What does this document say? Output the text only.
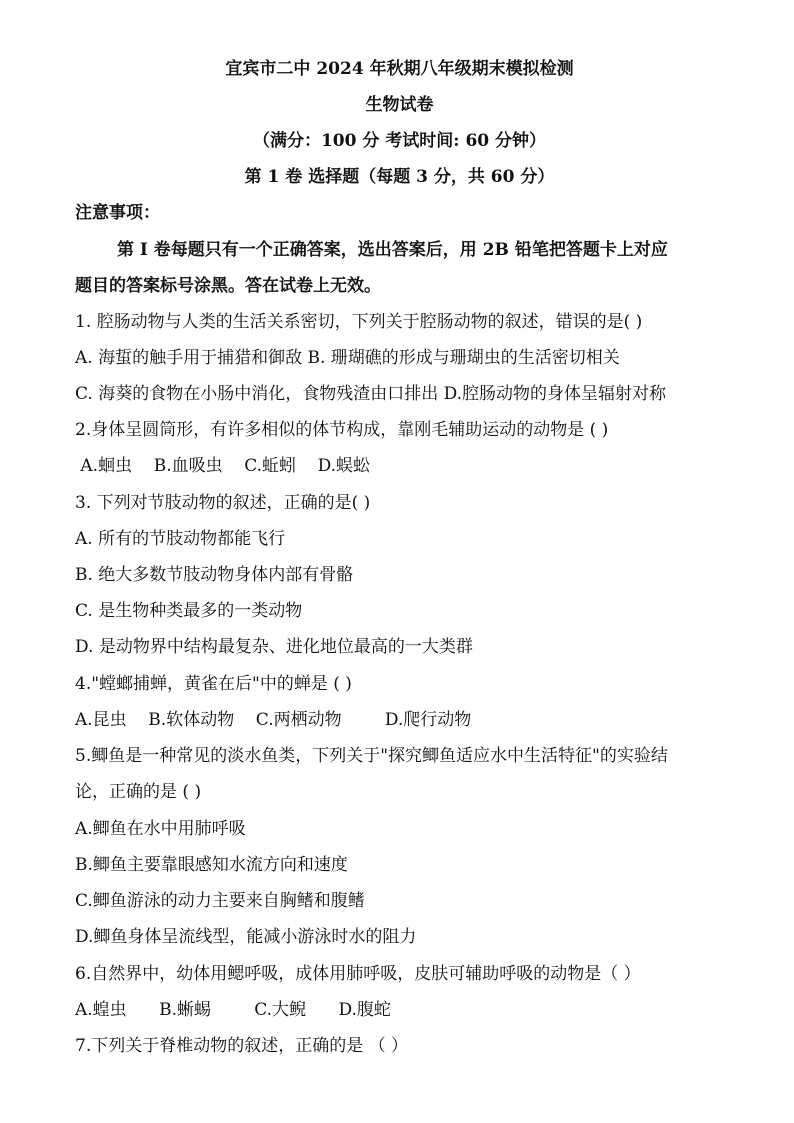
宜宾市二中 2024 年秋期八年级期末模拟检测
生物试卷
（满分：100 分 考试时间: 60 分钟）
第 1 卷 选择题（每题 3 分，共 60 分）
注意事项：
第 I 卷每题只有一个正确答案，选出答案后，用 2B 铅笔把答题卡上对应
题目的答案标号涂黑。答在试卷上无效。
1. 腔肠动物与人类的生活关系密切，下列关于腔肠动物的叙述，错误的是( )
A. 海蜇的触手用于捕猎和御敌 B. 珊瑚礁的形成与珊瑚虫的生活密切相关
C. 海葵的食物在小肠中消化，食物残渣由口排出 D.腔肠动物的身体呈辐射对称
2.身体呈圆筒形，有许多相似的体节构成，靠刚毛辅助运动的动物是 ( )
A.蛔虫    B.血吸虫    C.蚯蚓    D.蜈蚣
3. 下列对节肢动物的叙述，正确的是( )
A. 所有的节肢动物都能飞行
B. 绝大多数节肢动物身体内部有骨骼
C. 是生物种类最多的一类动物
D. 是动物界中结构最复杂、进化地位最高的一大类群
4."螳螂捕蝉，黄雀在后"中的蝉是 ( )
A.昆虫    B.软体动物    C.两栖动物        D.爬行动物
5.鲫鱼是一种常见的淡水鱼类，下列关于"探究鲫鱼适应水中生活特征"的实验结
论，正确的是 ( )
A.鲫鱼在水中用肺呼吸
B.鲫鱼主要靠眼感知水流方向和速度
C.鲫鱼游泳的动力主要来自胸鳍和腹鳍
D.鲫鱼身体呈流线型，能减小游泳时水的阻力
6.自然界中，幼体用鳃呼吸，成体用肺呼吸，皮肤可辅助呼吸的动物是（ ）
A.蝗虫      B.蜥蜴        C.大鲵      D.腹蛇
7.下列关于脊椎动物的叙述，正确的是 （ ）
